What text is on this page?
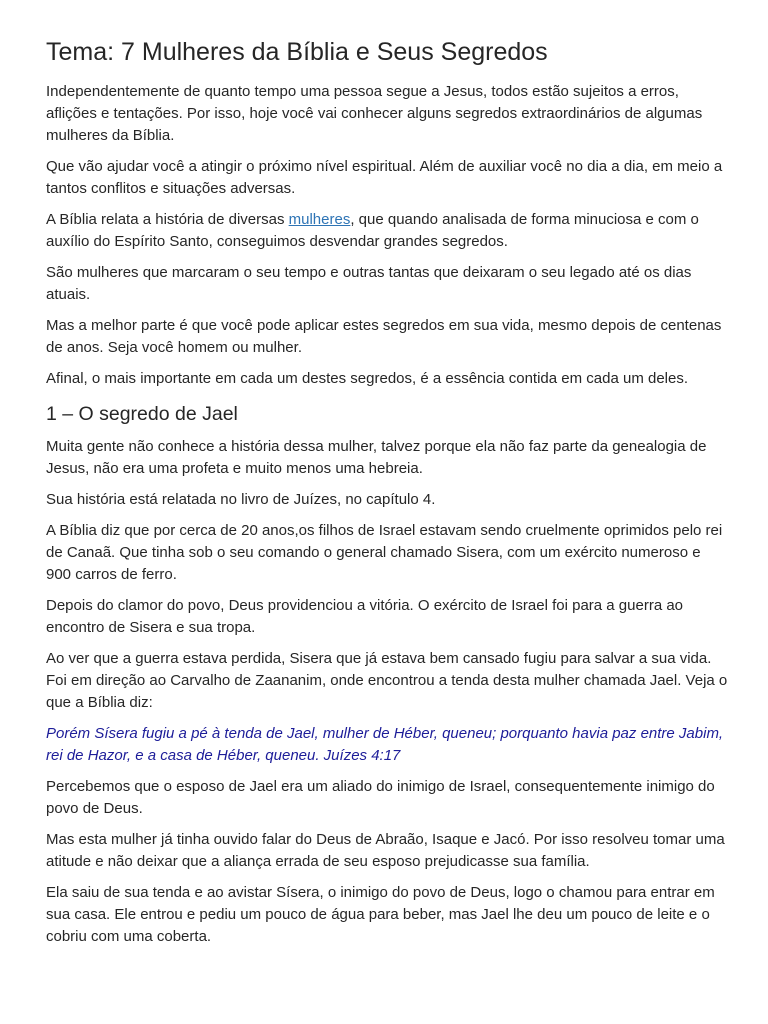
Tema: 7 Mulheres da Bíblia e Seus Segredos

Independentemente de quanto tempo uma pessoa segue a Jesus, todos estão sujeitos a erros, aflições e tentações. Por isso, hoje você vai conhecer alguns segredos extraordinários de algumas mulheres da Bíblia.

Que vão ajudar você a atingir o próximo nível espiritual. Além de auxiliar você no dia a dia, em meio a tantos conflitos e situações adversas.

A Bíblia relata a história de diversas mulheres, que quando analisada de forma minuciosa e com o auxílio do Espírito Santo, conseguimos desvendar grandes segredos.

São mulheres que marcaram o seu tempo e outras tantas que deixaram o seu legado até os dias atuais.

Mas a melhor parte é que você pode aplicar estes segredos em sua vida, mesmo depois de centenas de anos. Seja você homem ou mulher.

Afinal, o mais importante em cada um destes segredos, é a essência contida em cada um deles.

1 – O segredo de Jael

Muita gente não conhece a história dessa mulher, talvez porque ela não faz parte da genealogia de Jesus, não era uma profeta e muito menos uma hebreia.

Sua história está relatada no livro de Juízes, no capítulo 4.

A Bíblia diz que por cerca de 20 anos,os filhos de Israel estavam sendo cruelmente oprimidos pelo rei de Canaã. Que tinha sob o seu comando o general chamado Sisera, com um exército numeroso e 900 carros de ferro.

Depois do clamor do povo, Deus providenciou a vitória. O exército de Israel foi para a guerra ao encontro de Sisera e sua tropa.

Ao ver que a guerra estava perdida, Sisera que já estava bem cansado fugiu para salvar a sua vida. Foi em direção ao Carvalho de Zaananim, onde encontrou a tenda desta mulher chamada Jael. Veja o que a Bíblia diz:

Porém Sísera fugiu a pé à tenda de Jael, mulher de Héber, queneu; porquanto havia paz entre Jabim, rei de Hazor, e a casa de Héber, queneu. Juízes 4:17

Percebemos que o esposo de Jael era um aliado do inimigo de Israel, consequentemente inimigo do povo de Deus.

Mas esta mulher já tinha ouvido falar do Deus de Abraão, Isaque e Jacó. Por isso resolveu tomar uma atitude e não deixar que a aliança errada de seu esposo prejudicasse sua família.

Ela saiu de sua tenda e ao avistar Sísera, o inimigo do povo de Deus, logo o chamou para entrar em sua casa. Ele entrou e pediu um pouco de água para beber, mas Jael lhe deu um pouco de leite e o cobriu com uma coberta.
